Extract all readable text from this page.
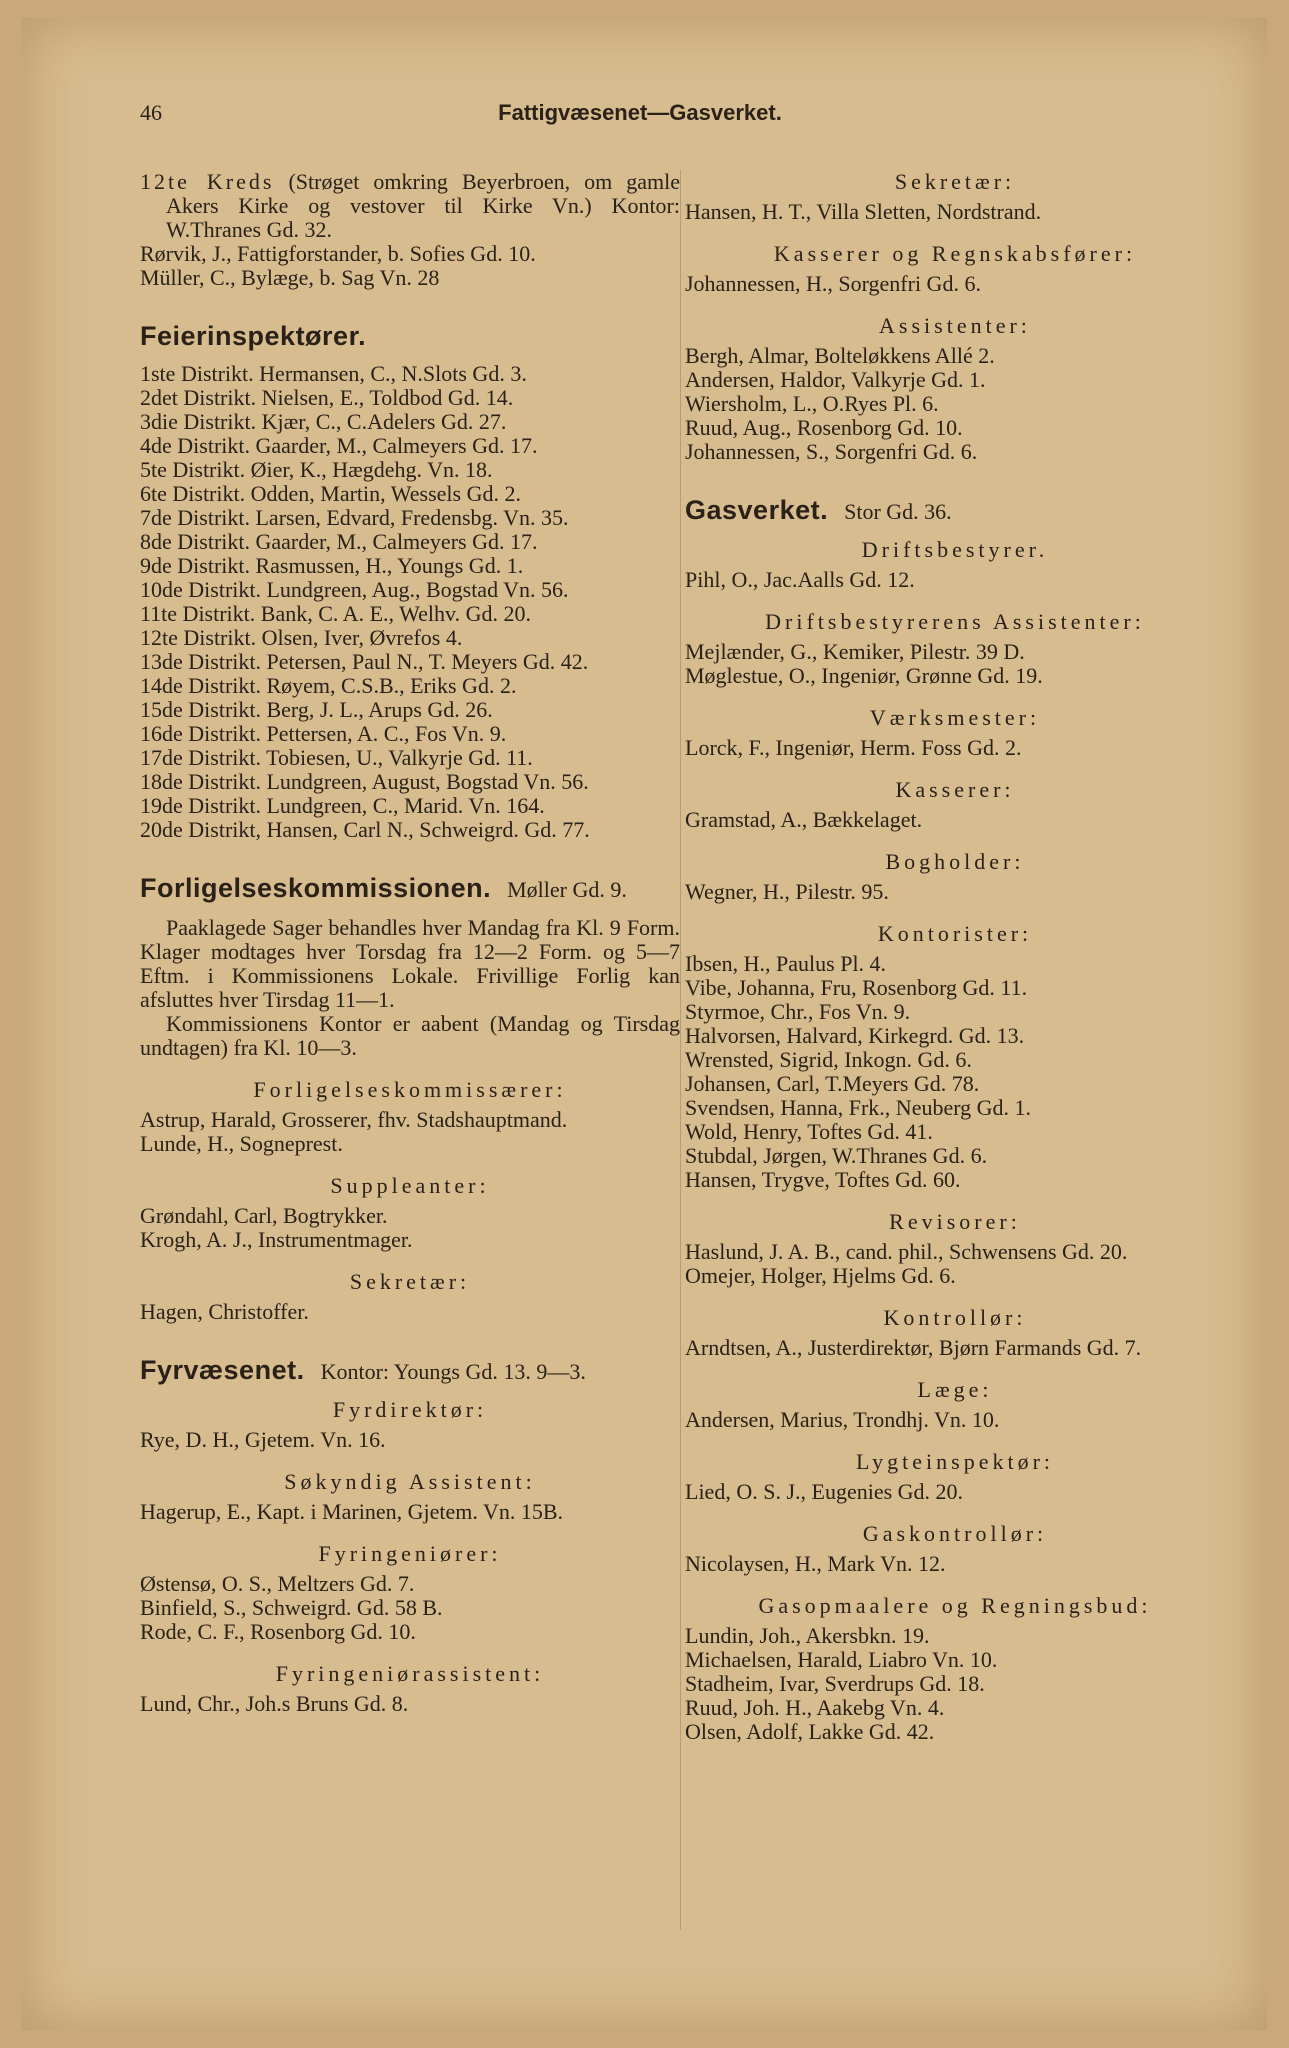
46	Fattigvæsenet—Gasverket.

12te Kreds (Strøget omkring Beyerbroen, om gamle Akers Kirke og vestover til Kirke Vn.) Kontor: W.Thranes Gd. 32.

Rørvik, J., Fattigforstander, b. Sofies Gd. 10.

Müller, C., Bylæge, b. Sag Vn. 28

Feierinspektører.

1ste Distrikt. Hermansen, C., N.Slots Gd. 3.

2det Distrikt. Nielsen, E., Toldbod Gd. 14.

3die Distrikt. Kjær, C., C.Adelers Gd. 27.

4de Distrikt. Gaarder, M., Calmeyers Gd. 17.

5te Distrikt. Øier, K., Hægdehg. Vn. 18.

6te Distrikt. Odden, Martin, Wessels Gd. 2.

7de Distrikt. Larsen, Edvard, Fredensbg. Vn. 35.

8de Distrikt. Gaarder, M., Calmeyers Gd. 17.

9de Distrikt. Rasmussen, H., Youngs Gd. 1.

10de Distrikt. Lundgreen, Aug., Bogstad Vn. 56.

11te Distrikt. Bank, C. A. E., Welhv. Gd. 20.

12te Distrikt. Olsen, Iver, Øvrefos 4.

13de Distrikt. Petersen, Paul N., T. Meyers Gd. 42.

14de Distrikt. Røyem, C.S.B., Eriks Gd. 2.

15de Distrikt. Berg, J. L., Arups Gd. 26.

16de Distrikt. Pettersen, A. C., Fos Vn. 9.

17de Distrikt. Tobiesen, U., Valkyrje Gd. 11.

18de Distrikt. Lundgreen, August, Bogstad Vn. 56.

19de Distrikt. Lundgreen, C., Marid. Vn. 164.

20de Distrikt, Hansen, Carl N., Schweigrd. Gd. 77.

Forligelseskommissionen. Møller Gd. 9.

Paaklagede Sager behandles hver Mandag fra Kl. 9 Form. Klager modtages hver Torsdag fra 12—2 Form. og 5—7 Eftm. i Kommissionens Lokale. Frivillige Forlig kan afsluttes hver Tirsdag 11—1.

Kommissionens Kontor er aabent (Mandag og Tirsdag undtagen) fra Kl. 10—3.

Forligelseskommissærer:

Astrup, Harald, Grosserer, fhv. Stadshauptmand.

Lunde, H., Sogneprest.

Suppleanter:

Grøndahl, Carl, Bogtrykker.

Krogh, A. J., Instrumentmager.

Sekretær:

Hagen, Christoffer.

Fyrvæsenet. Kontor: Youngs Gd. 13. 9—3.

Fyrdirektør:

Rye, D. H., Gjetem. Vn. 16.

Søkyndig Assistent:

Hagerup, E., Kapt. i Marinen, Gjetem. Vn. 15B.

Fyringeniører:

Østensø, O. S., Meltzers Gd. 7.

Binfield, S., Schweigrd. Gd. 58 B.

Rode, C. F., Rosenborg Gd. 10.

Fyringeniørassistent:

Lund, Chr., Joh.s Bruns Gd. 8.

Sekretær:

Hansen, H. T., Villa Sletten, Nordstrand.

Kasserer og Regnskabsfører:

Johannessen, H., Sorgenfri Gd. 6.

Assistenter:

Bergh, Almar, Bolteløkkens Allé 2.

Andersen, Haldor, Valkyrje Gd. 1.

Wiersholm, L., O.Ryes Pl. 6.

Ruud, Aug., Rosenborg Gd. 10.

Johannessen, S., Sorgenfri Gd. 6.

Gasverket. Stor Gd. 36.

Driftsbestyrer.

Pihl, O., Jac.Aalls Gd. 12.

Driftsbestyrerens Assistenter:

Mejlænder, G., Kemiker, Pilestr. 39 D.

Møglestue, O., Ingeniør, Grønne Gd. 19.

Værksmester:

Lorck, F., Ingeniør, Herm. Foss Gd. 2.

Kasserer:

Gramstad, A., Bækkelaget.

Bogholder:

Wegner, H., Pilestr. 95.

Kontorister:

Ibsen, H., Paulus Pl. 4.

Vibe, Johanna, Fru, Rosenborg Gd. 11.

Styrmoe, Chr., Fos Vn. 9.

Halvorsen, Halvard, Kirkegrd. Gd. 13.

Wrensted, Sigrid, Inkogn. Gd. 6.

Johansen, Carl, T.Meyers Gd. 78.

Svendsen, Hanna, Frk., Neuberg Gd. 1.

Wold, Henry, Toftes Gd. 41.

Stubdal, Jørgen, W.Thranes Gd. 6.

Hansen, Trygve, Toftes Gd. 60.

Revisorer:

Haslund, J. A. B., cand. phil., Schwensens Gd. 20.

Omejer, Holger, Hjelms Gd. 6.

Kontrollør:

Arndtsen, A., Justerdirektør, Bjørn Farmands Gd. 7.

Læge:

Andersen, Marius, Trondhj. Vn. 10.

Lygteinspektør:

Lied, O. S. J., Eugenies Gd. 20.

Gaskontrollør:

Nicolaysen, H., Mark Vn. 12.

Gasopmaalere og Regningsbud:

Lundin, Joh., Akersbkn. 19.

Michaelsen, Harald, Liabro Vn. 10.

Stadheim, Ivar, Sverdrups Gd. 18.

Ruud, Joh. H., Aakebg Vn. 4.

Olsen, Adolf, Lakke Gd. 42.
